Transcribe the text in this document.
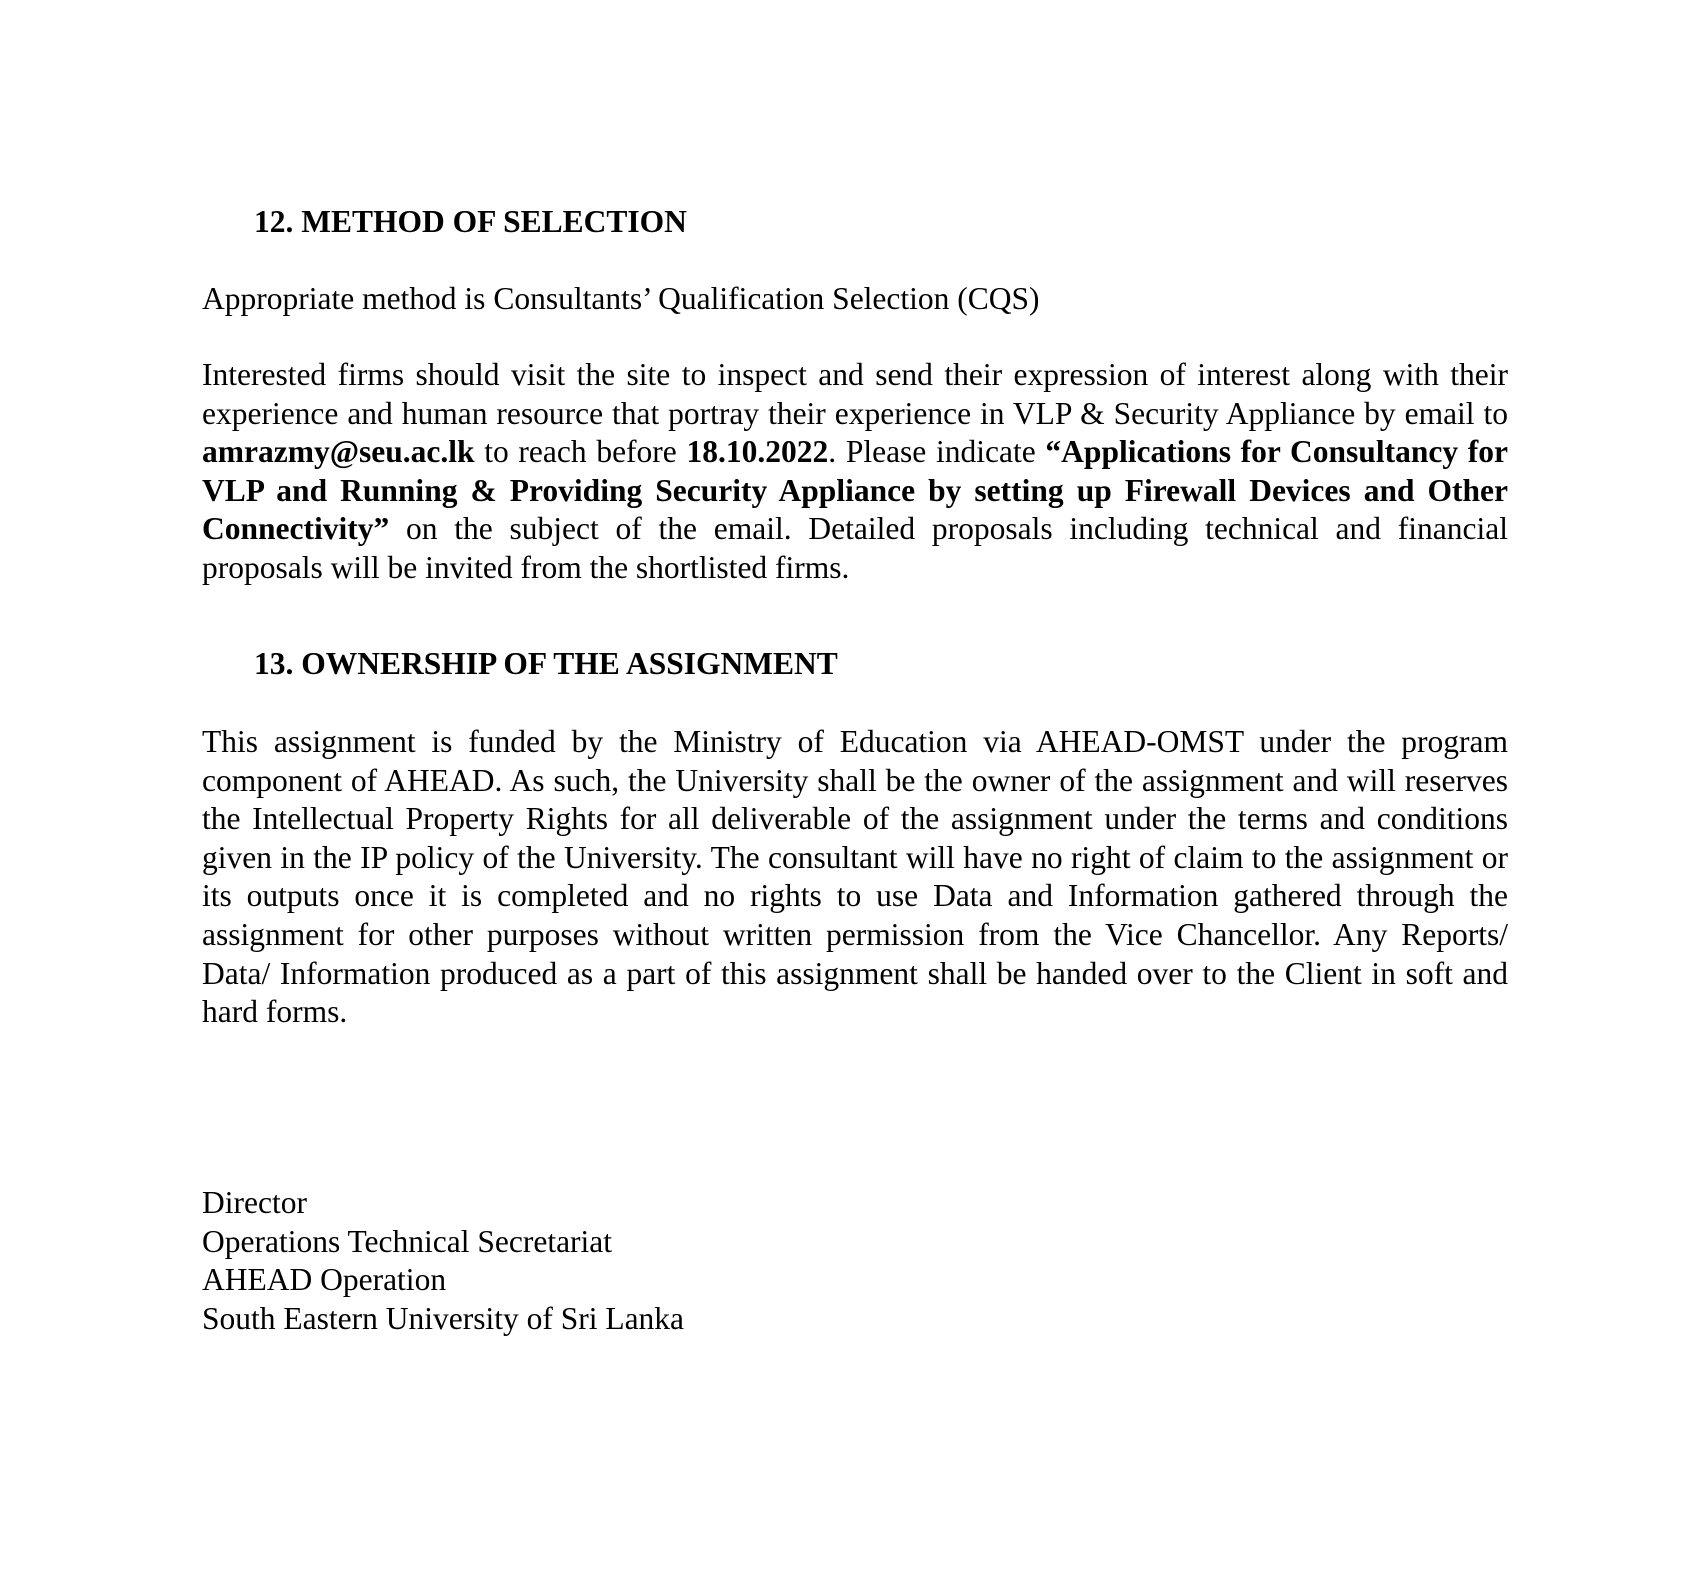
12. METHOD OF SELECTION

Appropriate method is Consultants’ Qualification Selection (CQS)

Interested firms should visit the site to inspect and send their expression of interest along with their experience and human resource that portray their experience in VLP & Security Appliance by email to amrazmy@seu.ac.lk to reach before 18.10.2022. Please indicate “Applications for Consultancy for VLP and Running & Providing Security Appliance by setting up Firewall Devices and Other Connectivity” on the subject of the email. Detailed proposals including technical and financial proposals will be invited from the shortlisted firms.

13. OWNERSHIP OF THE ASSIGNMENT

This assignment is funded by the Ministry of Education via AHEAD-OMST under the program component of AHEAD. As such, the University shall be the owner of the assignment and will reserves the Intellectual Property Rights for all deliverable of the assignment under the terms and conditions given in the IP policy of the University. The consultant will have no right of claim to the assignment or its outputs once it is completed and no rights to use Data and Information gathered through the assignment for other purposes without written permission from the Vice Chancellor. Any Reports/ Data/ Information produced as a part of this assignment shall be handed over to the Client in soft and hard forms.

Director
Operations Technical Secretariat
AHEAD Operation
South Eastern University of Sri Lanka
